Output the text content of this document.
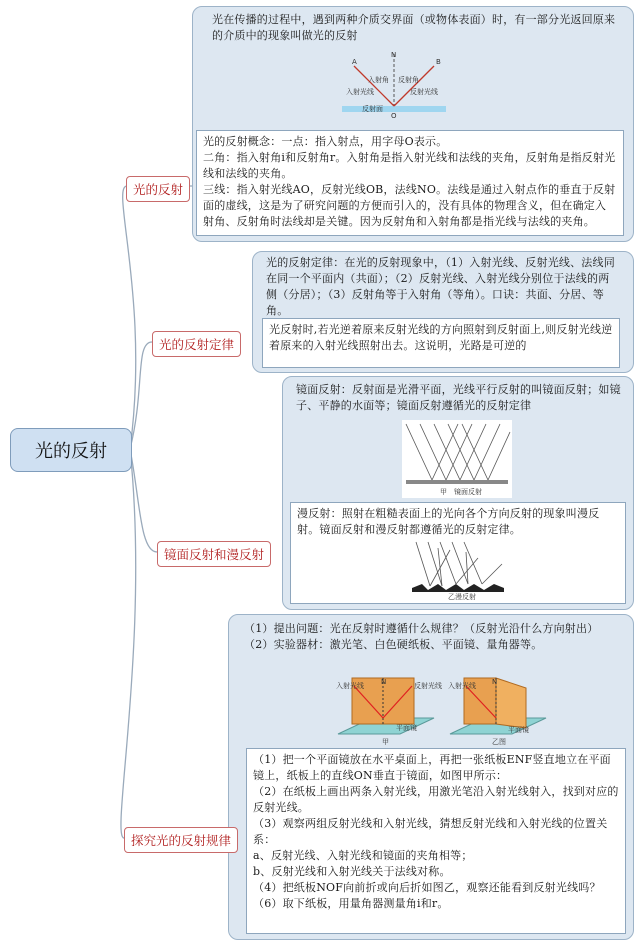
光在传播的过程中，遇到两种介质交界面（或物体表面）时，有一部分光返回原来的介质中的现象叫做光的反射
A	B
N
O
入射角 反射角
入射光线	反射光线
反射面
光的反射概念：一点：指入射点，用字母O表示。
二角：指入射角i和反射角r。入射角是指入射光线和法线的夹角，反射角是指反射光线和法线的夹角。
三线：指入射光线AO，反射光线OB，法线NO。法线是通过入射点作的垂直于反射面的虚线，这是为了研究问题的方便而引入的，没有具体的物理含义，但在确定入射角、反射角时法线却是关键。因为反射角和入射角都是指光线与法线的夹角。
光的反射
光的反射定律：在光的反射现象中，（1）入射光线、反射光线、法线同在同一个平面内（共面）；（2）反射光线、入射光线分别位于法线的两侧（分居）；（3）反射角等于入射角（等角）。口诀：共面、分居、等角。
光反射时,若光逆着原来反射光线的方向照射到反射面上,则反射光线逆着原来的入射光线照射出去。这说明，光路是可逆的
光的反射定律
镜面反射：反射面是光滑平面，光线平行反射的叫镜面反射；如镜子、平静的水面等；镜面反射遵循光的反射定律
甲　镜面反射
漫反射：照射在粗糙表面上的光向各个方向反射的现象叫漫反射。镜面反射和漫反射都遵循光的反射定律。
乙漫反射
镜面反射和漫反射
（1）提出问题：光在反射时遵循什么规律？（反射光沿什么方向射出）
（2）实验器材：激光笔、白色硬纸板、平面镜、量角器等。
入射光线	反射光线
N
平面镜
甲
入射光线 N
平面镜
乙图
（1）把一个平面镜放在水平桌面上，再把一张纸板ENF竖直地立在平面镜上，纸板上的直线ON垂直于镜面，如图甲所示：
（2）在纸板上画出两条入射光线，用激光笔沿入射光线射入，找到对应的反射光线。
（3）观察两组反射光线和入射光线，猜想反射光线和入射光线的位置关系：
a、反射光线、入射光线和镜面的夹角相等；
b、反射光线和入射光线关于法线对称。
（4）把纸板NOF向前折或向后折如图乙，观察还能看到反射光线吗？
（6）取下纸板，用量角器测量角i和r。
探究光的反射规律
光的反射
